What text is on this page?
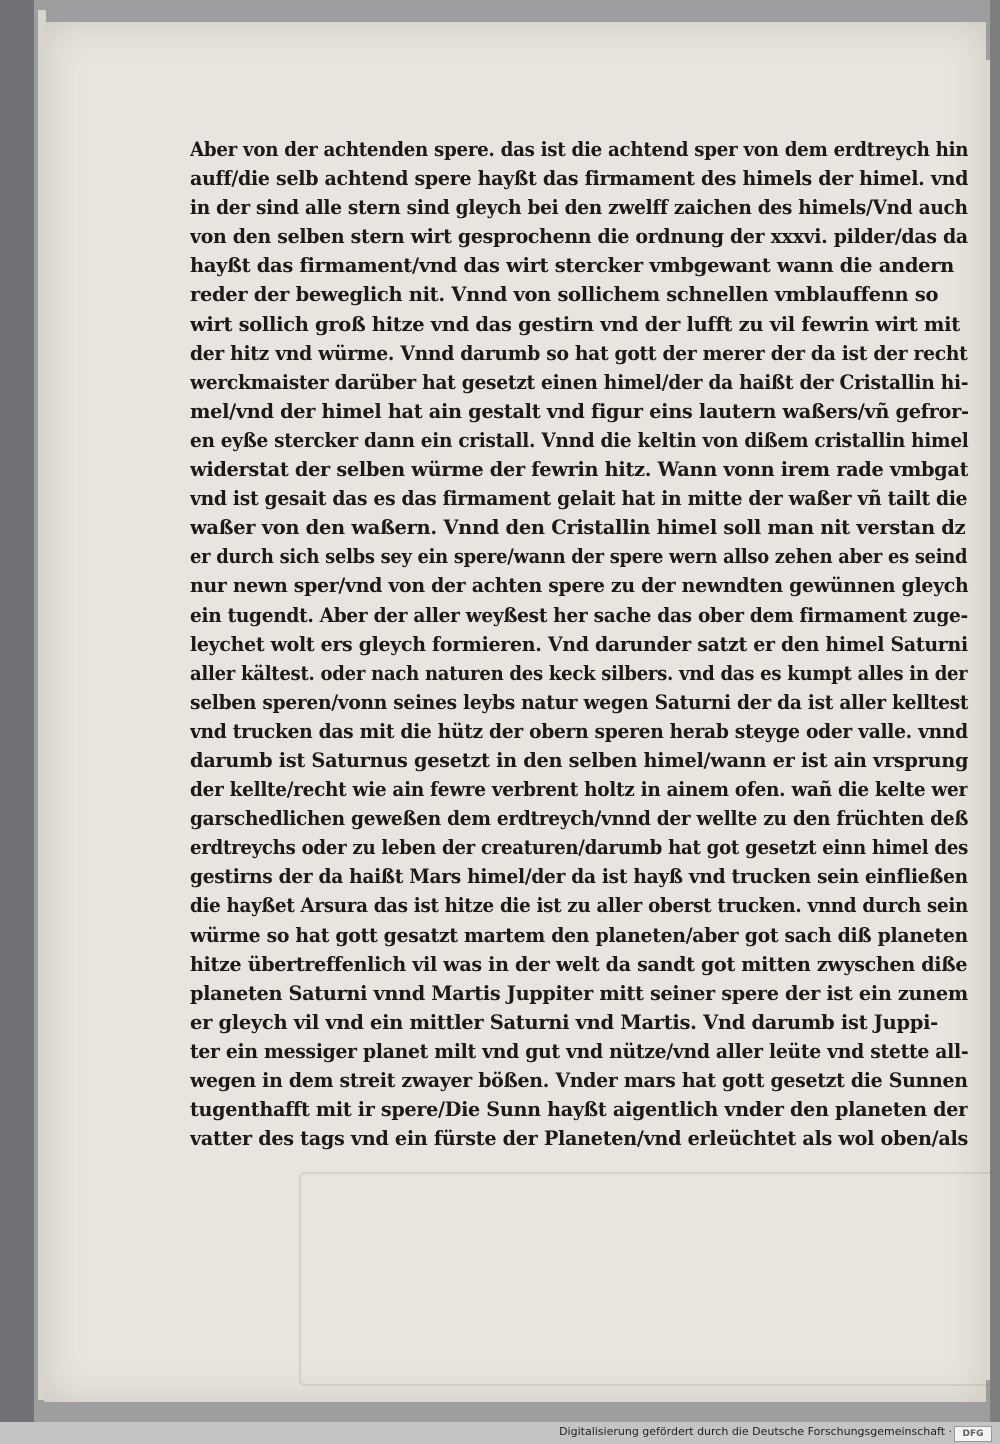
Aber von der achtenden spere. das ist die achtend sper von dem erdtreych hin
auff/die selb achtend spere hayßt das firmament des himels der himel. vnd
in der sind alle stern sind gleych bei den zwelff zaichen des himels/Vnd auch
von den selben stern wirt gesprochenn die ordnung der xxxvi. pilder/das da
hayßt das firmament/vnd das wirt stercker vmbgewant wann die andern
reder der beweglich nit. Vnnd von sollichem schnellen vmblauffenn so
wirt sollich groß hitze vnd das gestirn vnd der lufft zu vil fewrin wirt mit
der hitz vnd würme. Vnnd darumb so hat gott der merer der da ist der recht
werckmaister darüber hat gesetzt einen himel/der da haißt der Cristallin hi-
mel/vnd der himel hat ain gestalt vnd figur eins lautern waßers/vñ gefror-
en eyße stercker dann ein cristall. Vnnd die keltin von dißem cristallin himel
widerstat der selben würme der fewrin hitz. Wann vonn irem rade vmbgat
vnd ist gesait das es das firmament gelait hat in mitte der waßer vñ tailt die
waßer von den waßern. Vnnd den Cristallin himel soll man nit verstan dz
er durch sich selbs sey ein spere/wann der spere wern allso zehen aber es seind
nur newn sper/vnd von der achten spere zu der newndten gewünnen gleych
ein tugendt. Aber der aller weyßest her sache das ober dem firmament zuge-
leychet wolt ers gleych formieren. Vnd darunder satzt er den himel Saturni
aller kältest. oder nach naturen des keck silbers. vnd das es kumpt alles in der
selben speren/vonn seines leybs natur wegen Saturni der da ist aller kelltest
vnd trucken das mit die hütz der obern speren herab steyge oder valle. vnnd
darumb ist Saturnus gesetzt in den selben himel/wann er ist ain vrsprung
der kellte/recht wie ain fewre verbrent holtz in ainem ofen. wañ die kelte wer
garschedlichen geweßen dem erdtreych/vnnd der wellte zu den früchten deß
erdtreychs oder zu leben der creaturen/darumb hat got gesetzt einn himel des
gestirns der da haißt Mars himel/der da ist hayß vnd trucken sein einfließen
die hayßet Arsura das ist hitze die ist zu aller oberst trucken. vnnd durch sein
würme so hat gott gesatzt martem den planeten/aber got sach diß planeten
hitze übertreffenlich vil was in der welt da sandt got mitten zwyschen diße
planeten Saturni vnnd Martis Juppiter mitt seiner spere der ist ein zunem
er gleych vil vnd ein mittler Saturni vnd Martis. Vnd darumb ist Juppi-
ter ein messiger planet milt vnd gut vnd nütze/vnd aller leüte vnd stette all-
wegen in dem streit zwayer bößen. Vnder mars hat gott gesetzt die Sunnen
tugenthafft mit ir spere/Die Sunn hayßt aigentlich vnder den planeten der
vatter des tags vnd ein fürste der Planeten/vnd erleüchtet als wol oben/als
Digitalisierung gefördert durch die Deutsche Forschungsgemeinschaft ·	DFG
